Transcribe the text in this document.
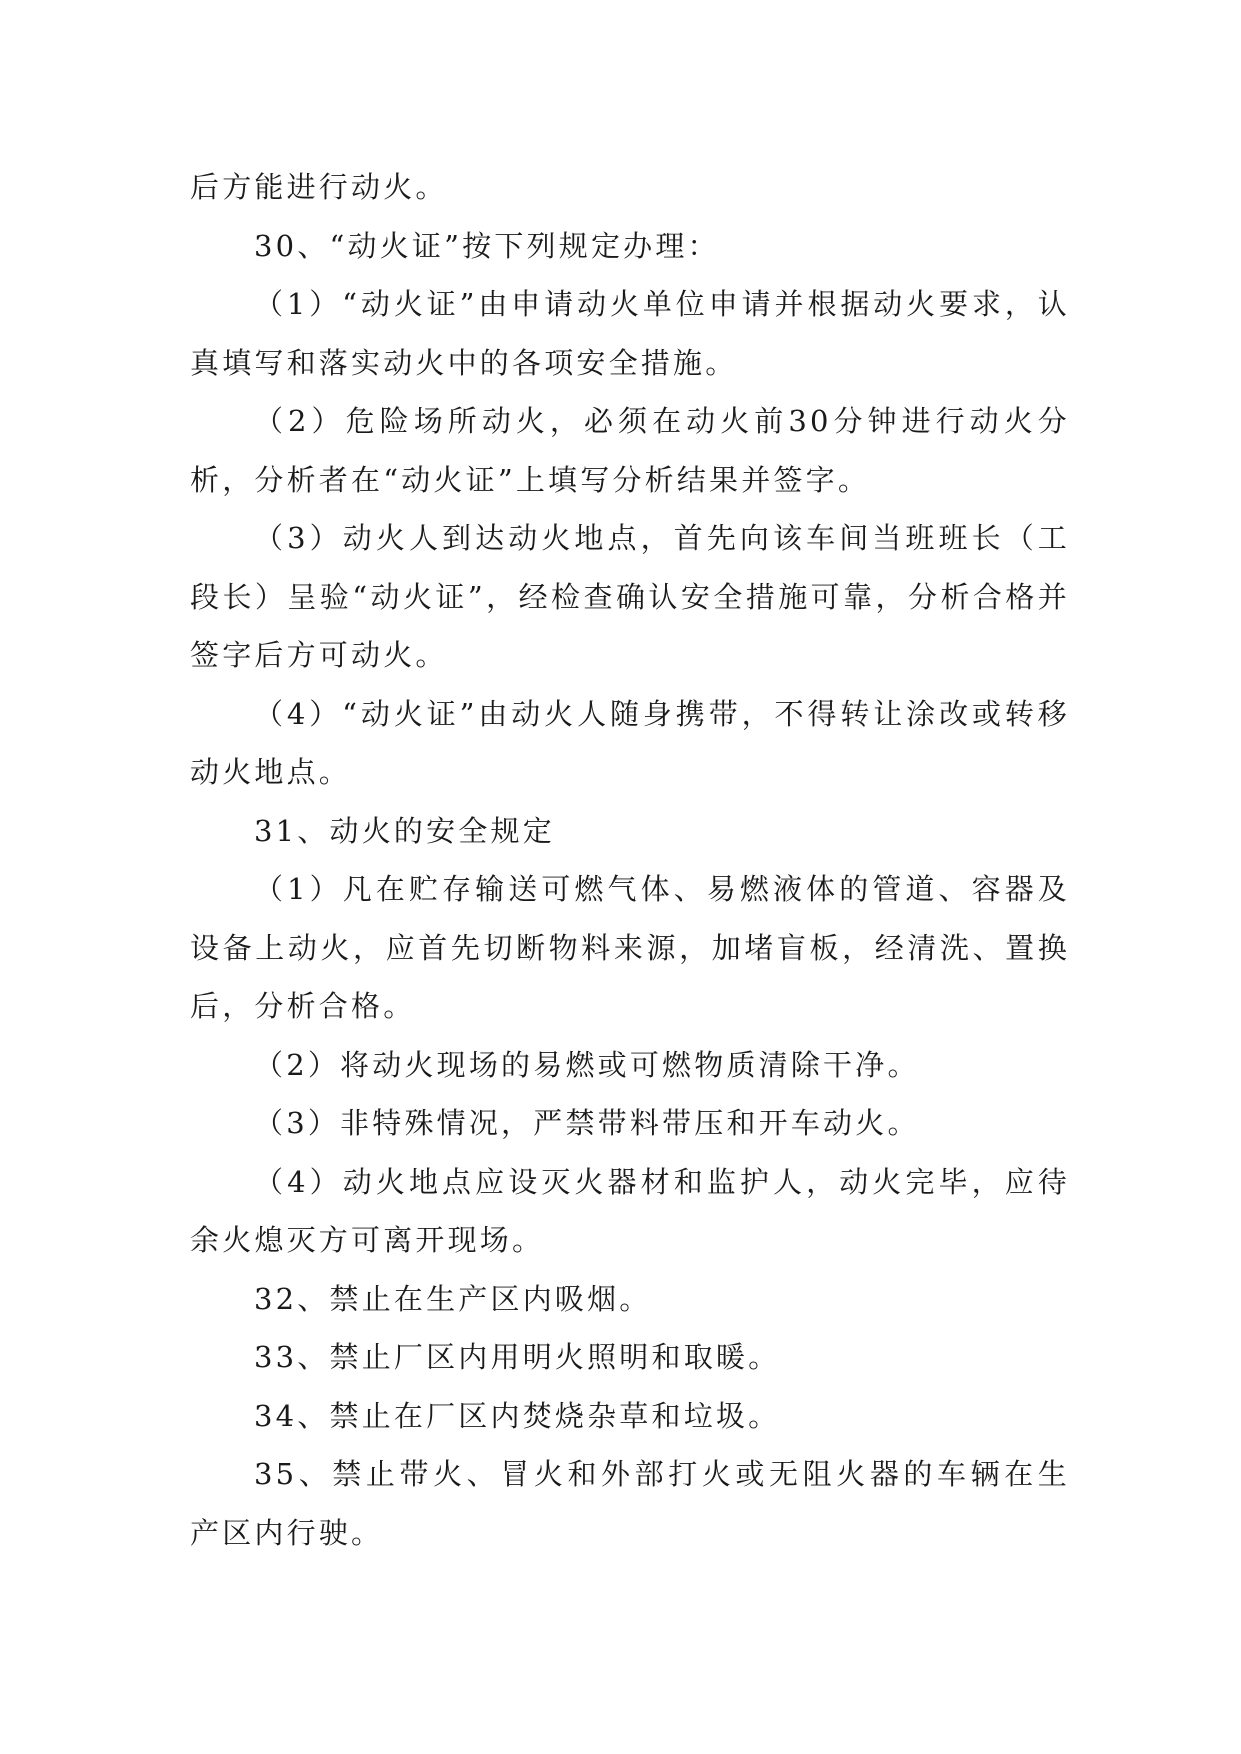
后方能进行动火。

30、“动火证”按下列规定办理：

（1）“动火证”由申请动火单位申请并根据动火要求，认真填写和落实动火中的各项安全措施。

（2）危险场所动火，必须在动火前30分钟进行动火分析，分析者在“动火证”上填写分析结果并签字。

（3）动火人到达动火地点，首先向该车间当班班长（工段长）呈验“动火证”，经检查确认安全措施可靠，分析合格并签字后方可动火。

（4）“动火证”由动火人随身携带，不得转让涂改或转移动火地点。

31、动火的安全规定

（1）凡在贮存输送可燃气体、易燃液体的管道、容器及设备上动火，应首先切断物料来源，加堵盲板，经清洗、置换后，分析合格。

（2）将动火现场的易燃或可燃物质清除干净。

（3）非特殊情况，严禁带料带压和开车动火。

（4）动火地点应设灭火器材和监护人，动火完毕，应待余火熄灭方可离开现场。

32、禁止在生产区内吸烟。

33、禁止厂区内用明火照明和取暖。

34、禁止在厂区内焚烧杂草和垃圾。

35、禁止带火、冒火和外部打火或无阻火器的车辆在生产区内行驶。
